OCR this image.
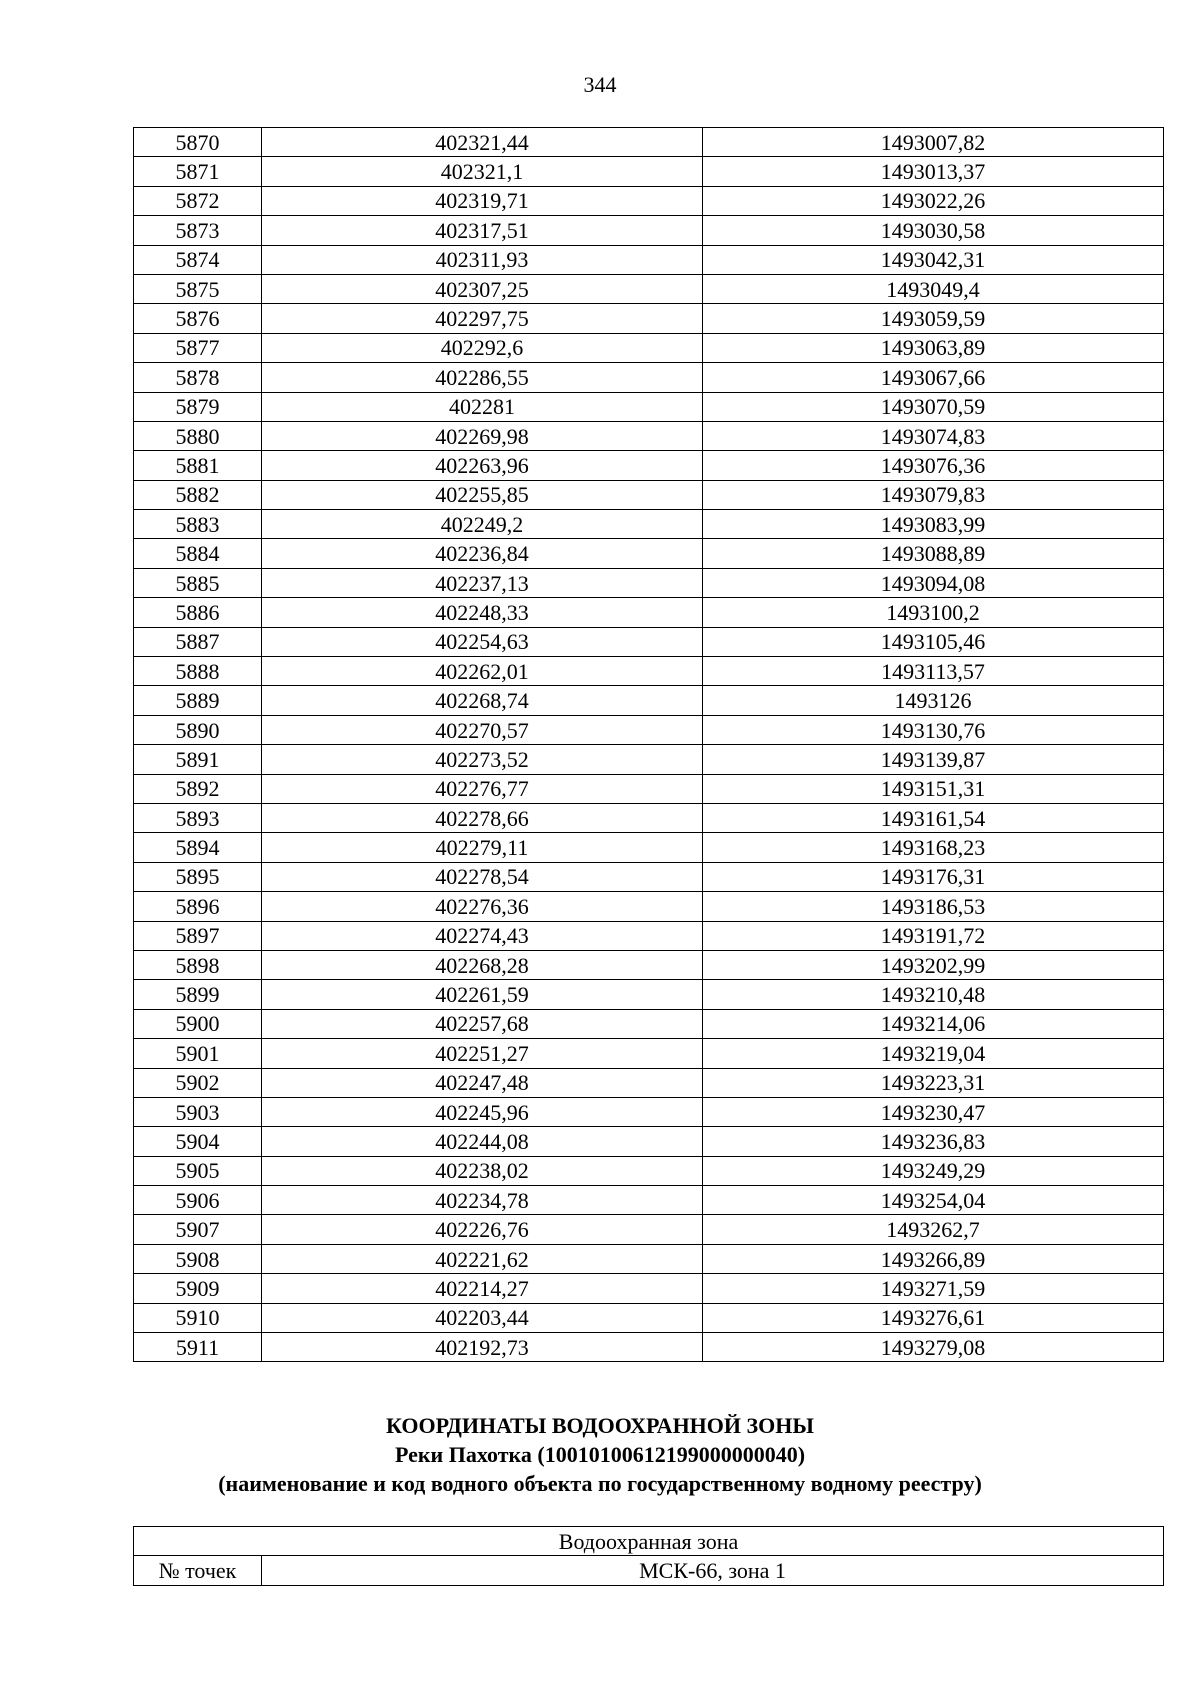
344
5870	402321,44	1493007,82
5871	402321,1	1493013,37
5872	402319,71	1493022,26
5873	402317,51	1493030,58
5874	402311,93	1493042,31
5875	402307,25	1493049,4
5876	402297,75	1493059,59
5877	402292,6	1493063,89
5878	402286,55	1493067,66
5879	402281	1493070,59
5880	402269,98	1493074,83
5881	402263,96	1493076,36
5882	402255,85	1493079,83
5883	402249,2	1493083,99
5884	402236,84	1493088,89
5885	402237,13	1493094,08
5886	402248,33	1493100,2
5887	402254,63	1493105,46
5888	402262,01	1493113,57
5889	402268,74	1493126
5890	402270,57	1493130,76
5891	402273,52	1493139,87
5892	402276,77	1493151,31
5893	402278,66	1493161,54
5894	402279,11	1493168,23
5895	402278,54	1493176,31
5896	402276,36	1493186,53
5897	402274,43	1493191,72
5898	402268,28	1493202,99
5899	402261,59	1493210,48
5900	402257,68	1493214,06
5901	402251,27	1493219,04
5902	402247,48	1493223,31
5903	402245,96	1493230,47
5904	402244,08	1493236,83
5905	402238,02	1493249,29
5906	402234,78	1493254,04
5907	402226,76	1493262,7
5908	402221,62	1493266,89
5909	402214,27	1493271,59
5910	402203,44	1493276,61
5911	402192,73	1493279,08
КООРДИНАТЫ ВОДООХРАННОЙ ЗОНЫ
Реки Пахотка (10010100612199000000040)
(наименование и код водного объекта по государственному водному реестру)
Водоохранная зона
№ точек	МСК-66, зона 1
